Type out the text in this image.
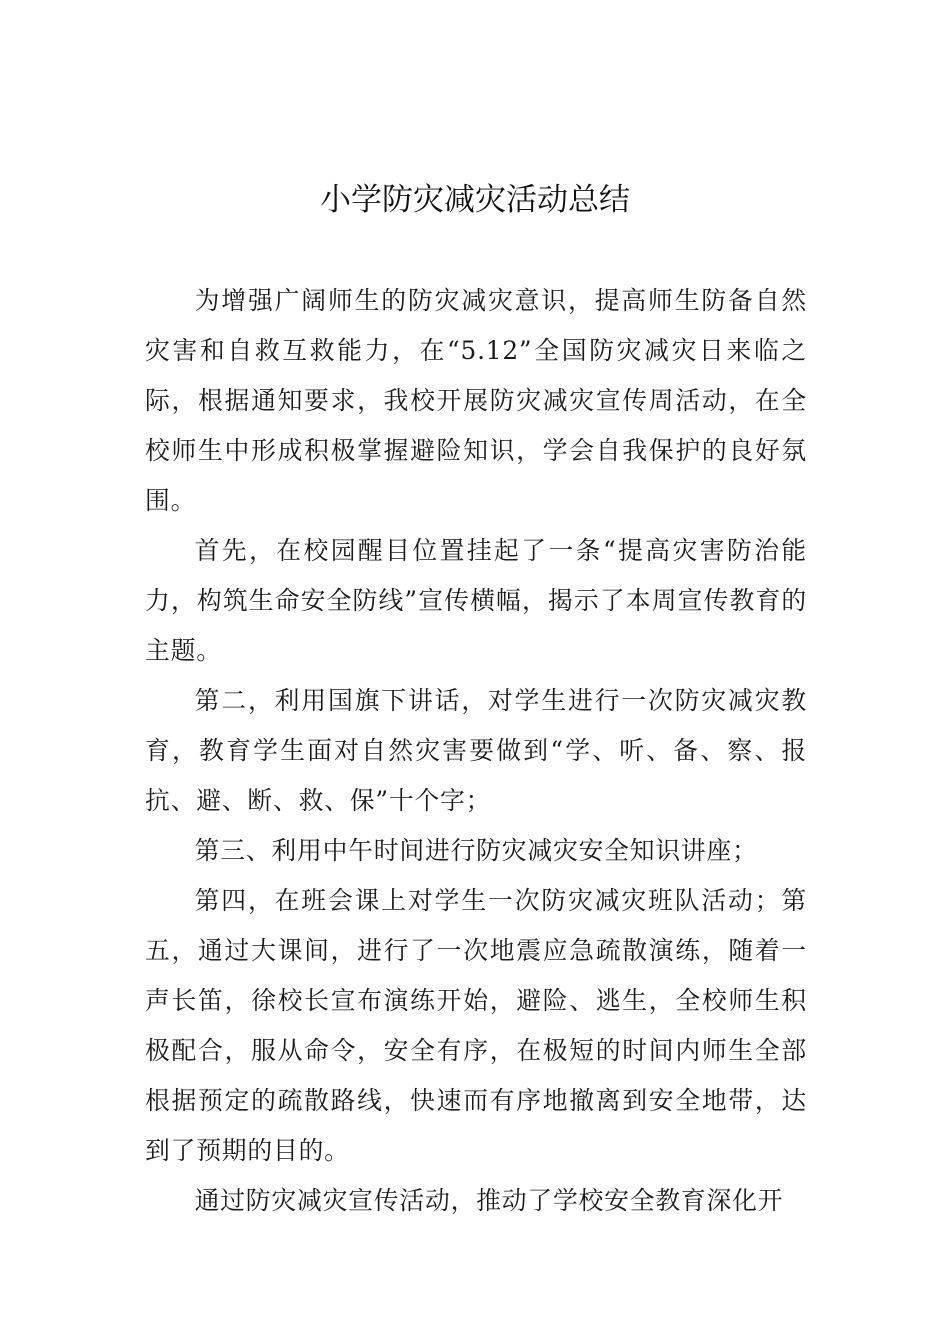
小学防灾减灾活动总结

为增强广阔师生的防灾减灾意识，提高师生防备自然灾害和自救互救能力，在“5.12”全国防灾减灾日来临之际，根据通知要求，我校开展防灾减灾宣传周活动，在全校师生中形成积极掌握避险知识，学会自我保护的良好氛围。

首先，在校园醒目位置挂起了一条“提高灾害防治能力，构筑生命安全防线”宣传横幅，揭示了本周宣传教育的主题。

第二，利用国旗下讲话，对学生进行一次防灾减灾教育，教育学生面对自然灾害要做到“学、听、备、察、报抗、避、断、救、保”十个字；

第三、利用中午时间进行防灾减灾安全知识讲座；

第四，在班会课上对学生一次防灾减灾班队活动；第五，通过大课间，进行了一次地震应急疏散演练，随着一声长笛，徐校长宣布演练开始，避险、逃生，全校师生积极配合，服从命令，安全有序，在极短的时间内师生全部根据预定的疏散路线，快速而有序地撤离到安全地带，达到了预期的目的。

通过防灾减灾宣传活动，推动了学校安全教育深化开
